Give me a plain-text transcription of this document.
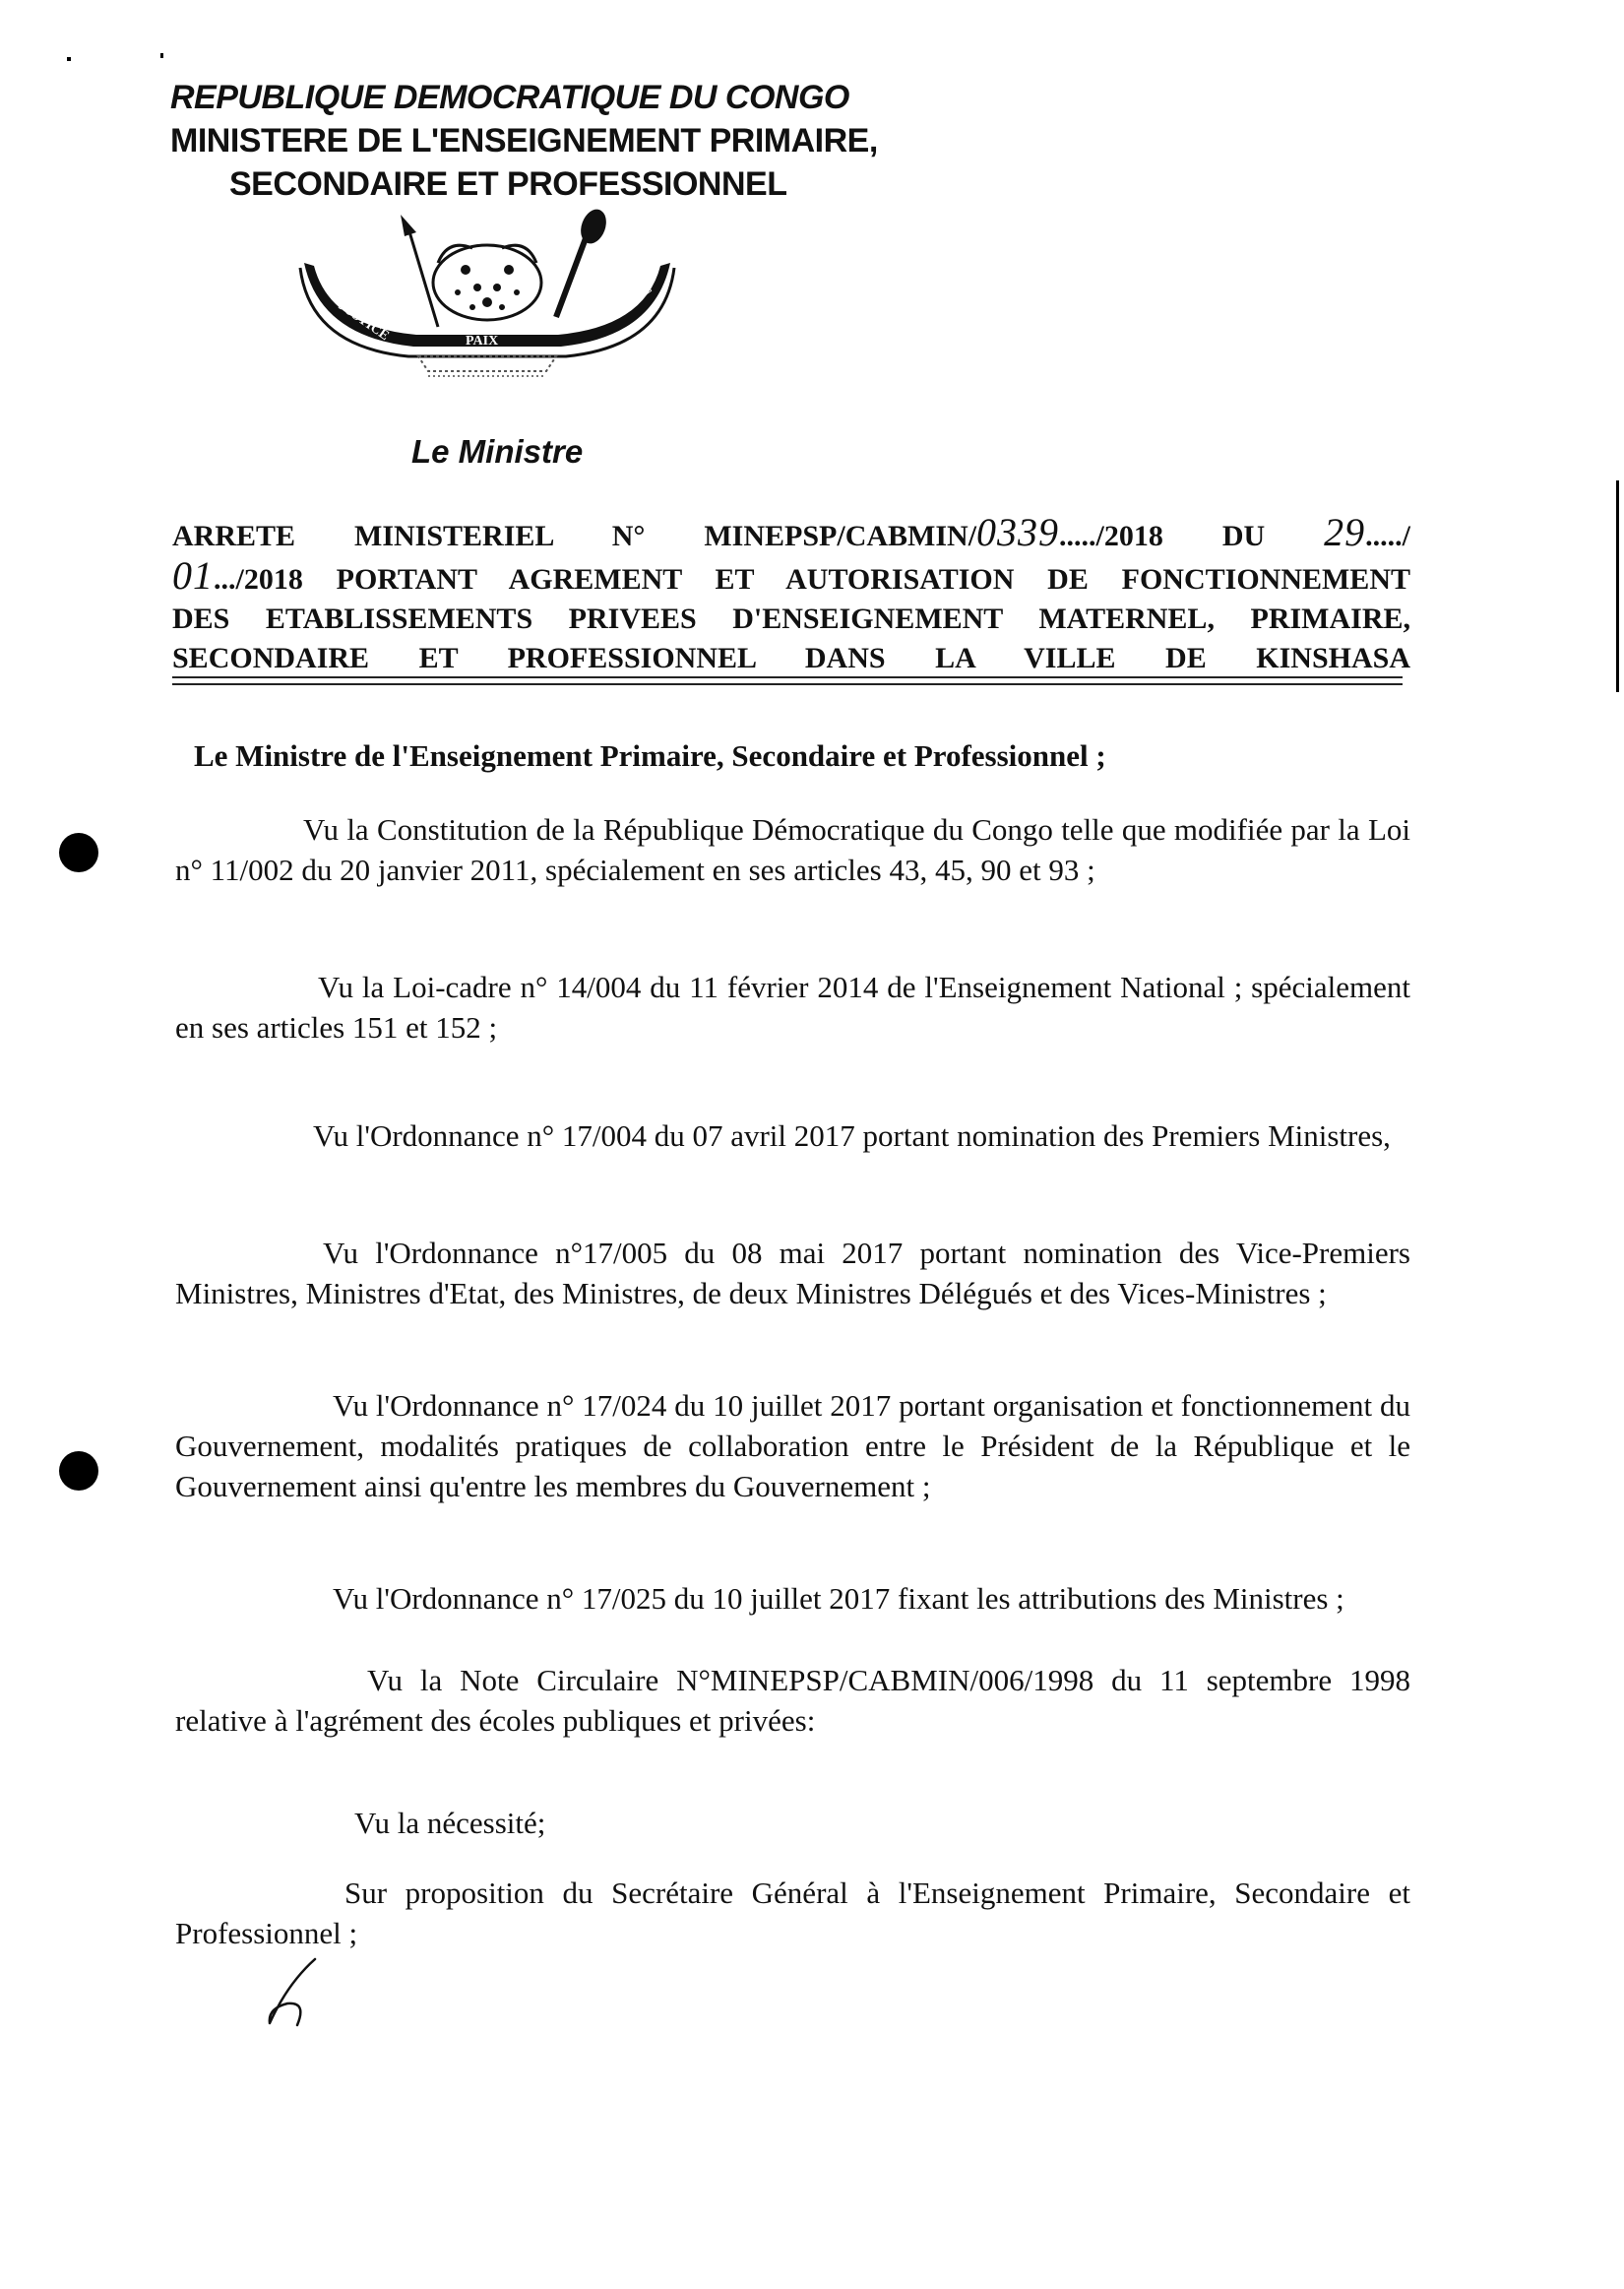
REPUBLIQUE DEMOCRATIQUE DU CONGO
MINISTERE DE L'ENSEIGNEMENT PRIMAIRE,
SECONDAIRE ET PROFESSIONNEL
JUSTICE	PAIX
TRAVAIL
Le Ministre
ARRETE MINISTERIEL N° MINEPSP/CABMIN/0339...../2018 DU 29...../
01.../2018 PORTANT AGREMENT ET AUTORISATION DE FONCTIONNEMENT
DES ETABLISSEMENTS PRIVEES D'ENSEIGNEMENT MATERNEL, PRIMAIRE,
SECONDAIRE ET PROFESSIONNEL DANS LA VILLE DE KINSHASA
Le Ministre de l'Enseignement Primaire, Secondaire et Professionnel ;
Vu la Constitution de la République Démocratique du Congo telle que modifiée par la Loi n° 11/002 du 20 janvier 2011, spécialement en ses articles 43, 45, 90 et 93 ;
Vu la Loi-cadre n° 14/004 du 11 février 2014 de l'Enseignement National ; spécialement en ses articles 151 et 152 ;
Vu l'Ordonnance n° 17/004 du 07 avril 2017 portant nomination des Premiers Ministres,
Vu l'Ordonnance n°17/005 du 08 mai 2017 portant nomination des Vice-Premiers Ministres, Ministres d'Etat, des Ministres, de deux Ministres Délégués et des Vices-Ministres ;
Vu l'Ordonnance n° 17/024 du 10 juillet 2017 portant organisation et fonctionnement du Gouvernement, modalités pratiques de collaboration entre le Président de la République et le Gouvernement ainsi qu'entre les membres du Gouvernement ;
Vu l'Ordonnance n° 17/025 du 10 juillet 2017 fixant les attributions des Ministres ;
Vu la Note Circulaire N°MINEPSP/CABMIN/006/1998 du 11 septembre 1998 relative à l'agrément des écoles publiques et privées:
Vu la nécessité;
Sur proposition du Secrétaire Général à l'Enseignement Primaire, Secondaire et Professionnel ;
